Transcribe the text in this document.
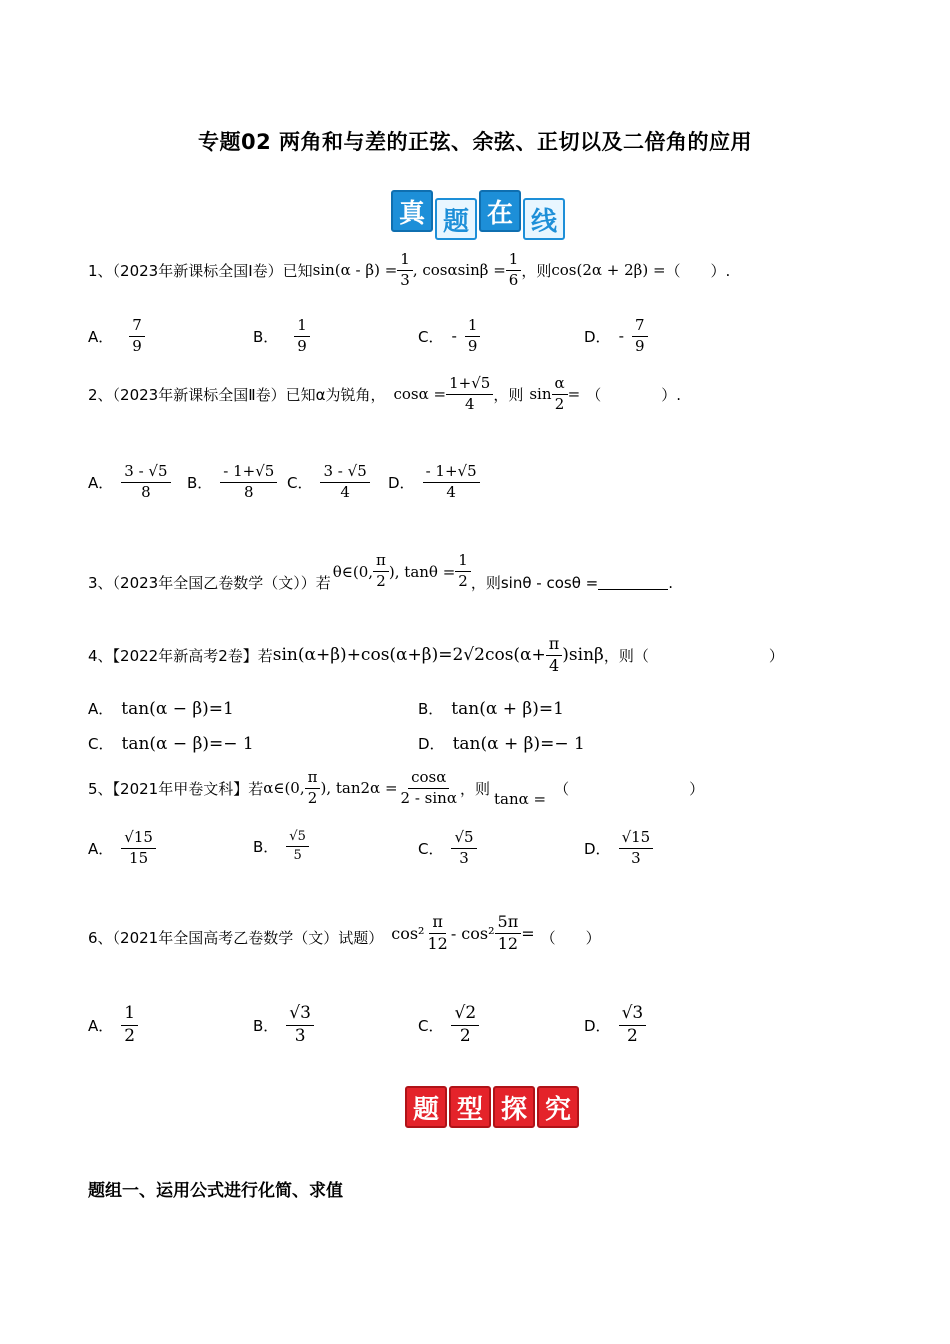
专题02 两角和与差的正弦、余弦、正切以及二倍角的应用
真 题 在 线
1、（2023年新课标全国Ⅰ卷）已知 $\sin(\alpha - \beta) = \frac{1}{3}$ , $\cos\alpha\sin\beta = \frac{1}{6}$ ，则 cos(2α + 2β) = （　　）.
A． $\frac{7}{9}$	B． $\frac{1}{9}$	C． - $\frac{1}{9}$	D． - $\frac{7}{9}$
2、（2023年新课标全国Ⅱ卷）已知α为锐角， $\cos\alpha = \frac{1+√5}{4}$ ，则 $\sin \frac{\alpha}{2}$ = （　　　　）.
A． $\frac{3 - √5}{8}$ B． $\frac{- 1+√5}{8}$ C． $\frac{3 - √5}{4}$ D． $\frac{- 1+√5}{4}$
3、（2023年全国乙卷数学（文））若
θ∈(0, $\frac{\pi}{2}$ ), $\tan\theta = \frac{1}{2}$ ，则sinθ - cosθ =	.
4、【2022年新高考2卷】若 $\sin(\alpha+\beta)+\cos(\alpha+\beta)=2√2\cos(\alpha+ \frac{\pi}{4} )\sin\beta$ ，则（	）
A． tan(α − β)=1	B． tan(α + β)=1
C． tan(α − β)=− 1	D． tan(α + β)=− 1
5、【2021年甲卷文科】若 α∈(0, $\frac{\pi}{2}$ ), $\tan 2\alpha = \frac{\cos\alpha}{2 - \sin\alpha}$ ，则
tanα =
（　　　　　　　　）
A． $\frac{√15}{15}$	B． $\frac{√5}{5}$	C． $\frac{√5}{3}$	D． $\frac{√15}{3}$
6、（2021年全国高考乙卷数学（文）试题） $\cos^2 \frac{\pi}{12} - \cos^2 \frac{5\pi}{12}$ = （　　）
A． $\frac{1}{2}$	B． $\frac{√3}{3}$	C． $\frac{√2}{2}$	D． $\frac{√3}{2}$
题 型 探 究
题组一、运用公式进行化简、求值
